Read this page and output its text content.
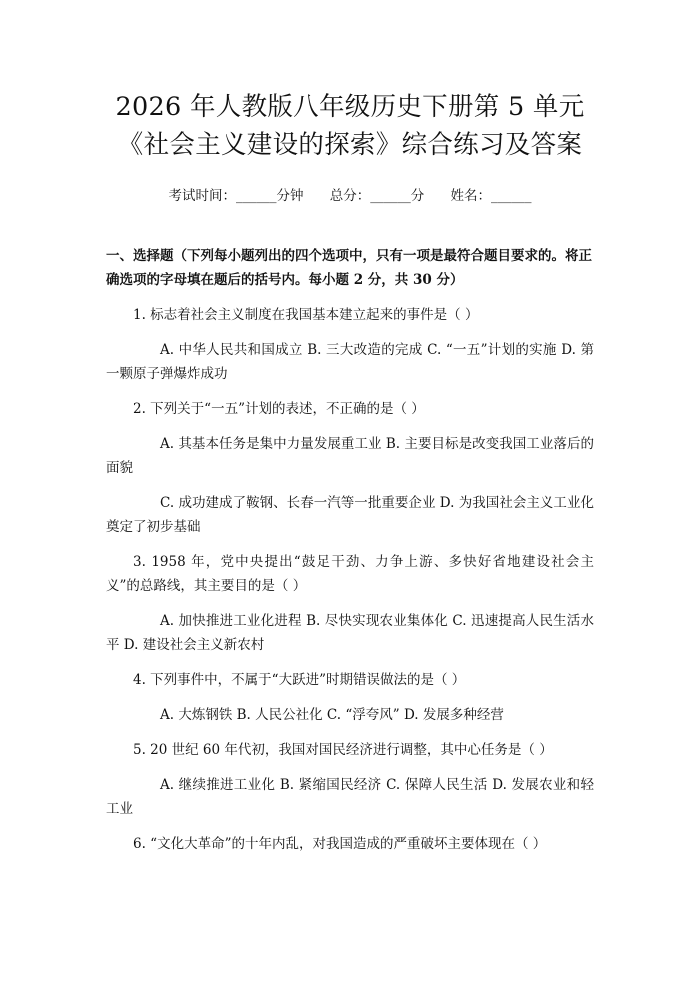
2026 年人教版八年级历史下册第 5 单元《社会主义建设的探索》综合练习及答案
考试时间：______分钟 总分：______分 姓名：______
一、选择题（下列每小题列出的四个选项中，只有一项是最符合题目要求的。将正确选项的字母填在题后的括号内。每小题 2 分，共 30 分）

1. 标志着社会主义制度在我国基本建立起来的事件是（ ）

A. 中华人民共和国成立 B. 三大改造的完成 C. “一五”计划的实施 D. 第一颗原子弹爆炸成功

2. 下列关于“一五”计划的表述，不正确的是（ ）

A. 其基本任务是集中力量发展重工业 B. 主要目标是改变我国工业落后的面貌

C. 成功建成了鞍钢、长春一汽等一批重要企业 D. 为我国社会主义工业化奠定了初步基础

3. 1958 年，党中央提出“鼓足干劲、力争上游、多快好省地建设社会主义”的总路线，其主要目的是（ ）

A. 加快推进工业化进程 B. 尽快实现农业集体化 C. 迅速提高人民生活水平 D. 建设社会主义新农村

4. 下列事件中，不属于“大跃进”时期错误做法的是（ ）

A. 大炼钢铁 B. 人民公社化 C. “浮夸风” D. 发展多种经营

5. 20 世纪 60 年代初，我国对国民经济进行调整，其中心任务是（ ）

A. 继续推进工业化 B. 紧缩国民经济 C. 保障人民生活 D. 发展农业和轻工业

6. “文化大革命”的十年内乱，对我国造成的严重破坏主要体现在（ ）
